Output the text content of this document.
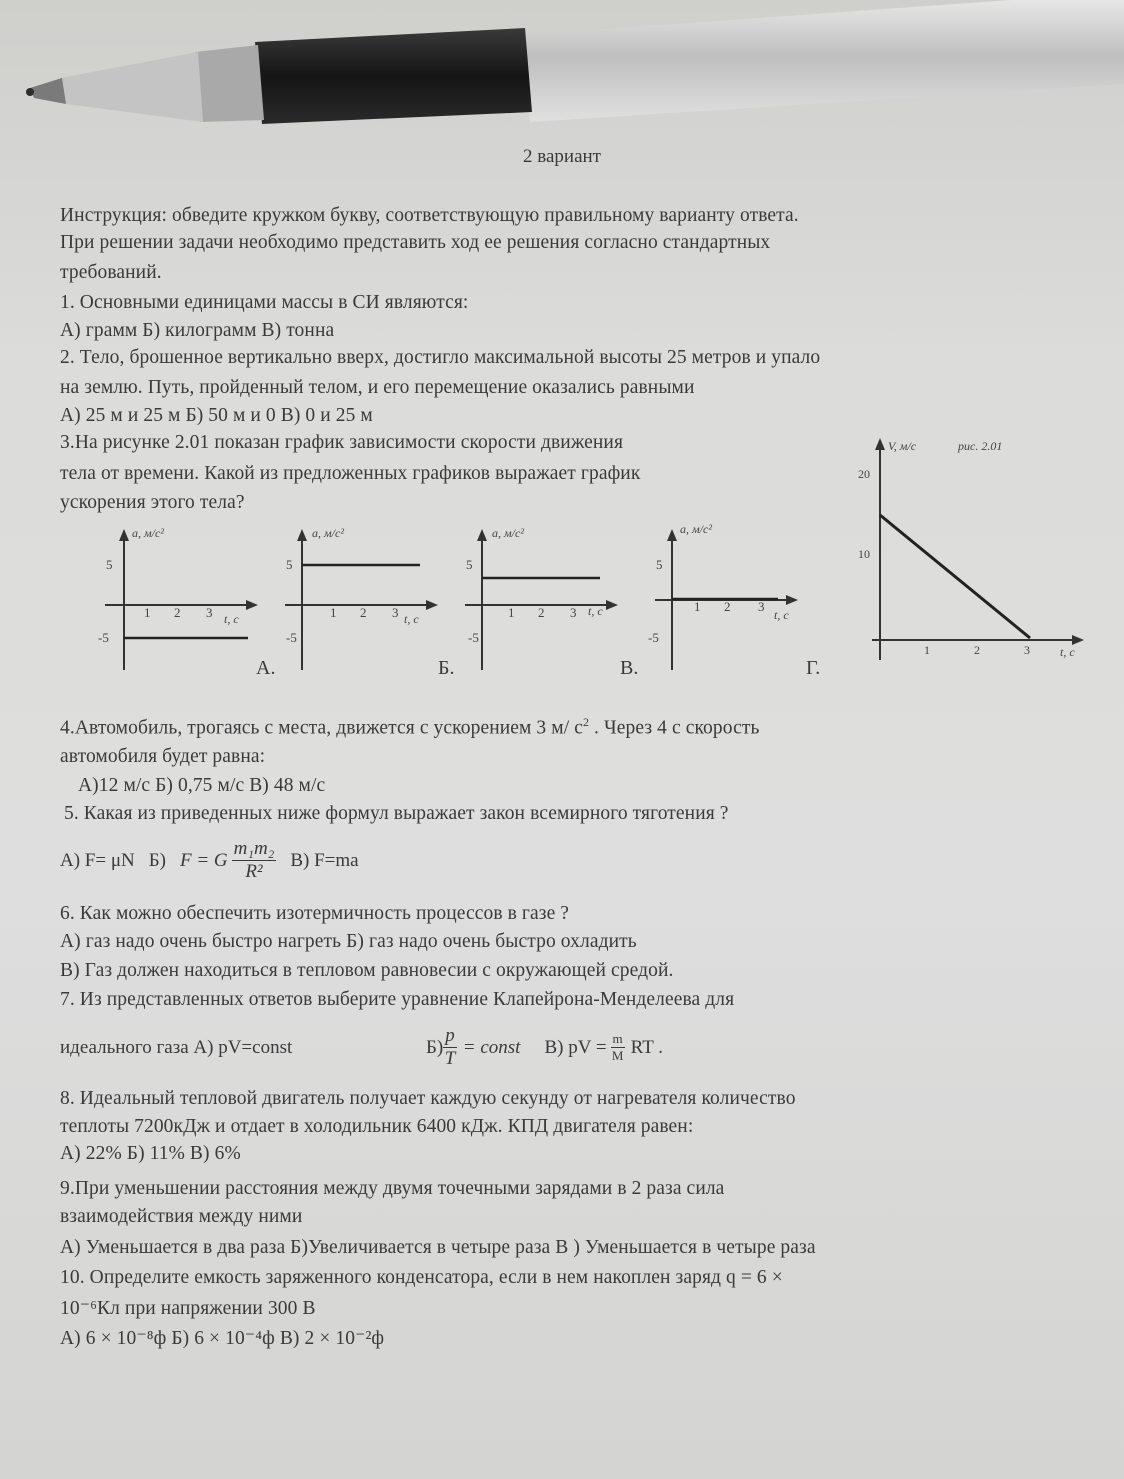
2 вариант
Инструкция: обведите кружком букву, соответствующую правильному варианту ответа.
При решении задачи необходимо представить ход ее решения согласно стандартных
требований.
1. Основными единицами массы в СИ являются:
А) грамм Б) килограмм В) тонна
2. Тело, брошенное вертикально вверх, достигло максимальной высоты 25 метров и упало
на землю. Путь, пройденный телом, и его перемещение оказались равными
А) 25 м и 25 м Б) 50 м и 0 В) 0 и 25 м
3.На рисунке 2.01 показан график зависимости скорости движения
тела от времени. Какой из предложенных графиков выражает график
ускорения этого тела?
a, м/с²	a, м/с²	a, м/с²	a, м/с²
t, с	t, с
t, с	t, с
5
-5
1 2 3
5
-5
1 2 3
5
-5
1 2 3
5
-5
1 2 3
А.	Б.	В.	Г.
V, м/с	рис. 2.01
t, с
20
10
1	2	3
4.Автомобиль, трогаясь с места, движется с ускорением 3 м/ $с^2$ . Через 4 с скорость
автомобиля будет равна:
А)12 м/с Б) 0,75 м/с В) 48 м/с
5. Какая из приведенных ниже формул выражает закон всемирного тяготения ?
А) F= μN Б) F = G $\frac{\text{m₁m₂}}{\text{R²}} В$) F=ma
6. Как можно обеспечить изотермичность процессов в газе ?
А) газ надо очень быстро нагреть Б) газ надо очень быстро охладить
В) Газ должен находиться в тепловом равновесии с окружающей средой.
7. Из представленных ответов выберите уравнение Клапейрона-Менделеева для
идеального газа А) pV=const	$Б) \frac{p}{T}$ = const В) pV = $\frac{m}{M}$ RT .
8. Идеальный тепловой двигатель получает каждую секунду от нагревателя количество
теплоты 7200кДж и отдает в холодильник 6400 кДж. КПД двигателя равен:
А) 22% Б) 11% В) 6%
9.При уменьшении расстояния между двумя точечными зарядами в 2 раза сила
взаимодействия между ними
А) Уменьшается в два раза Б)Увеличивается в четыре раза В ) Уменьшается в четыре раза
10. Определите емкость заряженного конденсатора, если в нем накоплен заряд q = 6 ×
10⁻⁶Кл при напряжении 300 В
А) 6 × 10⁻⁸ф Б) 6 × 10⁻⁴ф В) 2 × 10⁻²ф
